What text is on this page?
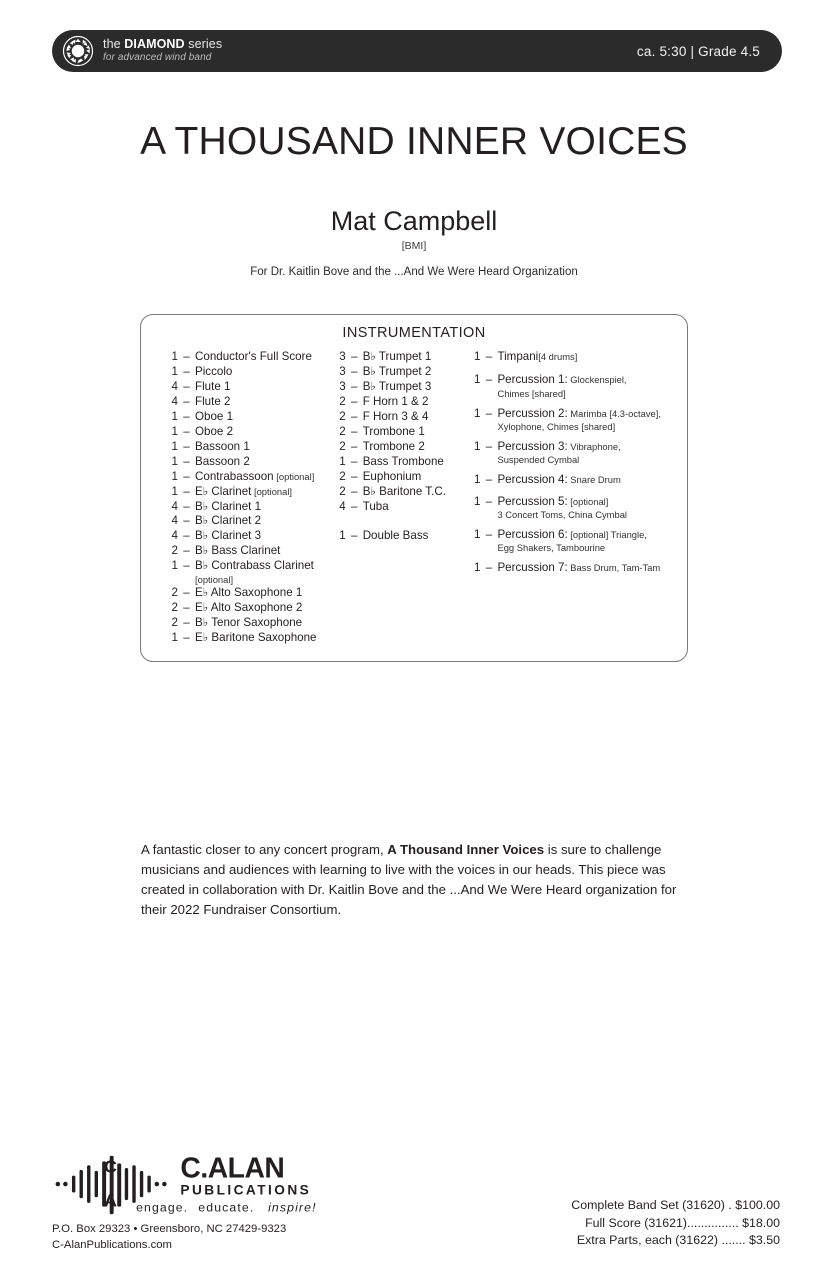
the DIAMOND series
for advanced wind band	ca. 5:30 | Grade 4.5
A THOUSAND INNER VOICES
Mat Campbell
[BMI]
For Dr. Kaitlin Bove and the ...And We Were Heard Organization
INSTRUMENTATION
1 – Conductor's Full Score
1 – Piccolo
4 – Flute 1
4 – Flute 2
1 – Oboe 1
1 – Oboe 2
1 – Bassoon 1
1 – Bassoon 2
1 – Contrabassoon [optional]
1 – E♭ Clarinet [optional]
4 – B♭ Clarinet 1
4 – B♭ Clarinet 2
4 – B♭ Clarinet 3
2 – B♭ Bass Clarinet
1 – B♭ Contrabass Clarinet
[optional]
2 – E♭ Alto Saxophone 1
2 – E♭ Alto Saxophone 2
2 – B♭ Tenor Saxophone
1 – E♭ Baritone Saxophone
3 – B♭ Trumpet 1
3 – B♭ Trumpet 2
3 – B♭ Trumpet 3
2 – F Horn 1 & 2
2 – F Horn 3 & 4
2 – Trombone 1
2 – Trombone 2
1 – Bass Trombone
2 – Euphonium
2 – B♭ Baritone T.C.
4 – Tuba
1 – Double Bass
1 – Timpani[4 drums]
1 – Percussion 1: Glockenspiel,
Chimes [shared]
1 – Percussion 2: Marimba [4.3-octave],
Xylophone, Chimes [shared]
1 – Percussion 3: Vibraphone,
Suspended Cymbal
1 – Percussion 4: Snare Drum
1 – Percussion 5: [optional]
3 Concert Toms, China Cymbal
1 – Percussion 6: [optional] Triangle,
Egg Shakers, Tambourine
1 – Percussion 7: Bass Drum, Tam-Tam
A fantastic closer to any concert program, A Thousand Inner Voices is sure to challenge musicians and audiences with learning to live with the voices in our heads. This piece was created in collaboration with Dr. Kaitlin Bove and the ...And We Were Heard organization for their 2022 Fundraiser Consortium.
C
A
C.ALAN
PUBLICATIONS
engage. educate. inspire!
P.O. Box 29323 • Greensboro, NC 27429-9323
C-AlanPublications.com
Complete Band Set (31620) . $100.00
Full Score (31621)............... $18.00
Extra Parts, each (31622) ....... $3.50
